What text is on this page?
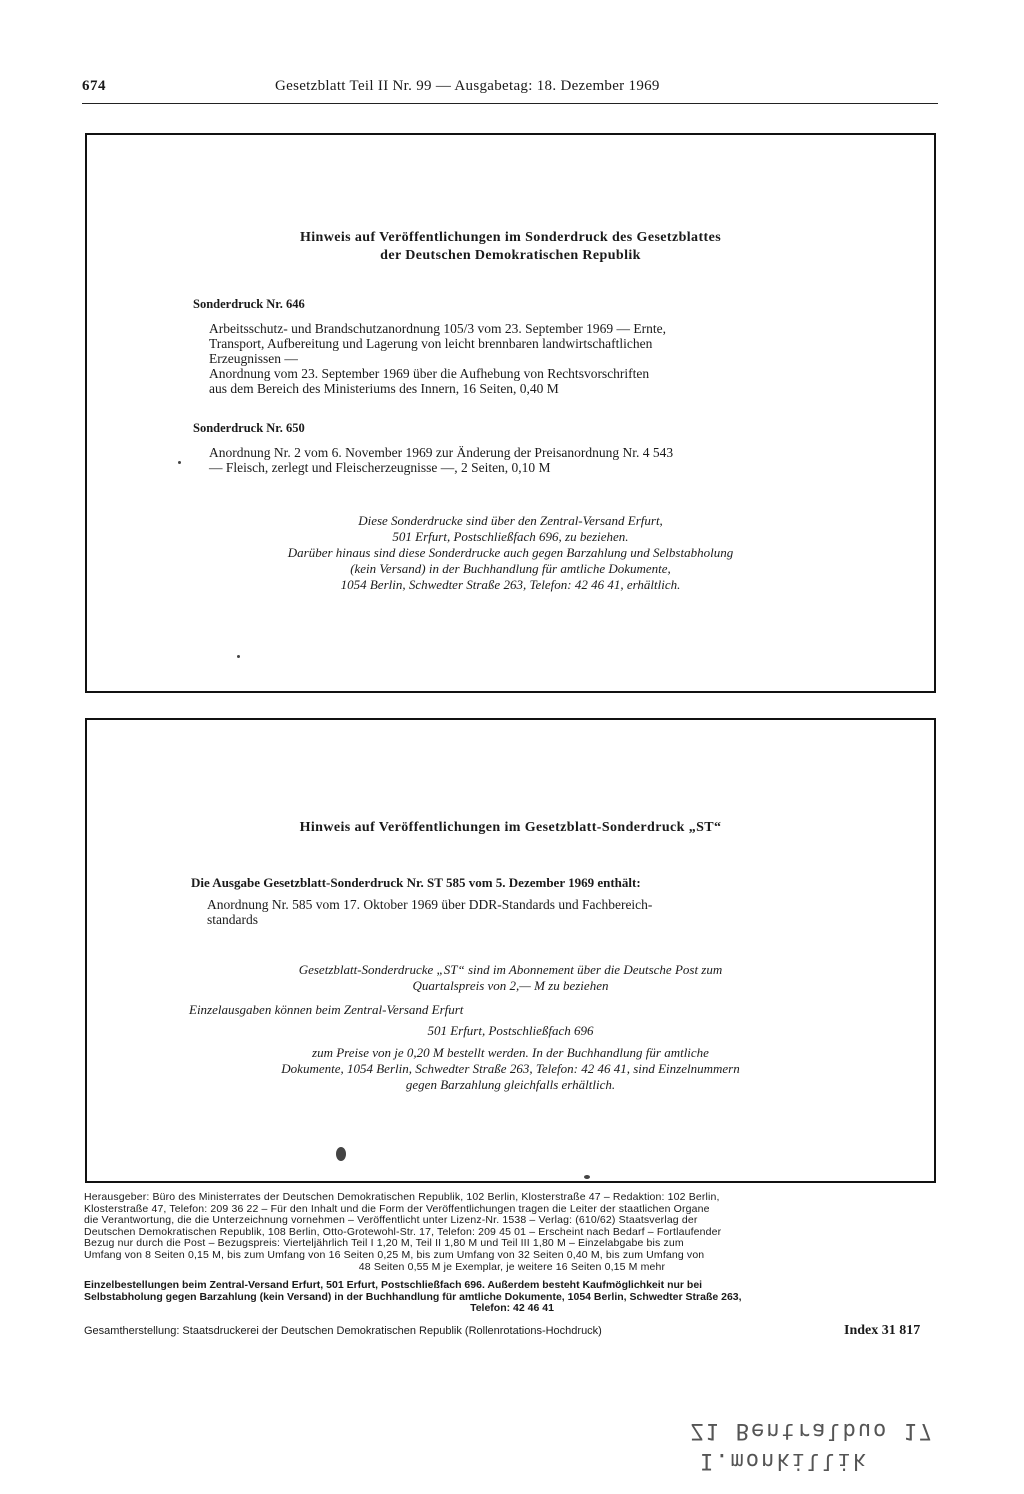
674	Gesetzblatt Teil II Nr. 99 — Ausgabetag: 18. Dezember 1969
Hinweis auf Veröffentlichungen im Sonderdruck des Gesetzblattes
der Deutschen Demokratischen Republik
Sonderdruck Nr. 646
Arbeitsschutz- und Brandschutzanordnung 105/3 vom 23. September 1969 — Ernte,
Transport, Aufbereitung und Lagerung von leicht brennbaren landwirtschaftlichen
Erzeugnissen —
Anordnung vom 23. September 1969 über die Aufhebung von Rechtsvorschriften
aus dem Bereich des Ministeriums des Innern, 16 Seiten, 0,40 M
Sonderdruck Nr. 650
Anordnung Nr. 2 vom 6. November 1969 zur Änderung der Preisanordnung Nr. 4 543
— Fleisch, zerlegt und Fleischerzeugnisse —, 2 Seiten, 0,10 M
Diese Sonderdrucke sind über den Zentral-Versand Erfurt,
501 Erfurt, Postschließfach 696, zu beziehen.
Darüber hinaus sind diese Sonderdrucke auch gegen Barzahlung und Selbstabholung
(kein Versand) in der Buchhandlung für amtliche Dokumente,
1054 Berlin, Schwedter Straße 263, Telefon: 42 46 41, erhältlich.
Hinweis auf Veröffentlichungen im Gesetzblatt-Sonderdruck „ST“
Die Ausgabe Gesetzblatt-Sonderdruck Nr. ST 585 vom 5. Dezember 1969 enthält:
Anordnung Nr. 585 vom 17. Oktober 1969 über DDR-Standards und Fachbereich-
standards
Gesetzblatt-Sonderdrucke „ST“ sind im Abonnement über die Deutsche Post zum
Quartalspreis von 2,— M zu beziehen
Einzelausgaben können beim Zentral-Versand Erfurt
501 Erfurt, Postschließfach 696
zum Preise von je 0,20 M bestellt werden. In der Buchhandlung für amtliche
Dokumente, 1054 Berlin, Schwedter Straße 263, Telefon: 42 46 41, sind Einzelnummern
gegen Barzahlung gleichfalls erhältlich.
Herausgeber: Büro des Ministerrates der Deutschen Demokratischen Republik, 102 Berlin, Klosterstraße 47 – Redaktion: 102 Berlin,
Klosterstraße 47, Telefon: 209 36 22 – Für den Inhalt und die Form der Veröffentlichungen tragen die Leiter der staatlichen Organe
die Verantwortung, die die Unterzeichnung vornehmen – Veröffentlicht unter Lizenz-Nr. 1538 – Verlag: (610/62) Staatsverlag der
Deutschen Demokratischen Republik, 108 Berlin, Otto-Grotewohl-Str. 17, Telefon: 209 45 01 – Erscheint nach Bedarf – Fortlaufender
Bezug nur durch die Post – Bezugspreis: Vierteljährlich Teil I 1,20 M, Teil II 1,80 M und Teil III 1,80 M – Einzelabgabe bis zum
Umfang von 8 Seiten 0,15 M, bis zum Umfang von 16 Seiten 0,25 M, bis zum Umfang von 32 Seiten 0,40 M, bis zum Umfang von
48 Seiten 0,55 M je Exemplar, je weitere 16 Seiten 0,15 M mehr
Einzelbestellungen beim Zentral-Versand Erfurt, 501 Erfurt, Postschließfach 696. Außerdem besteht Kaufmöglichkeit nur bei
Selbstabholung gegen Barzahlung (kein Versand) in der Buchhandlung für amtliche Dokumente, 1054 Berlin, Schwedter Straße 263,
Telefon: 42 46 41
Gesamtherstellung: Staatsdruckerei der Deutschen Demokratischen Republik (Rollenrotations-Hochdruck)	Index 31 817
Z1 Bentralbuo 17
I.monkillik
